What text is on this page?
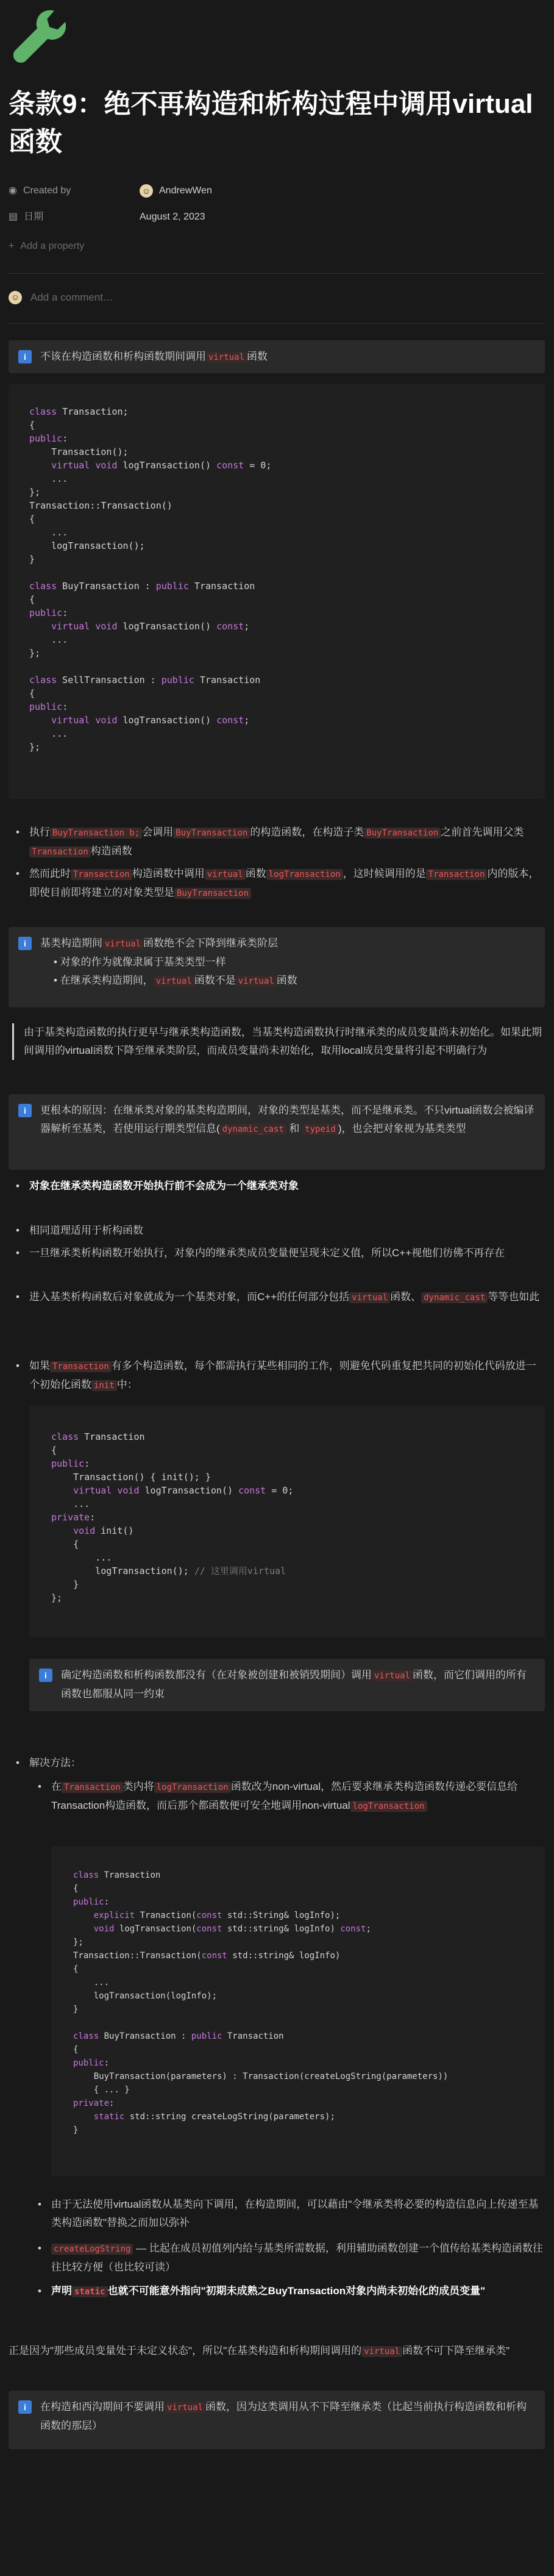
条款9：绝不再构造和析构过程中调用virtual函数
◉ Created by	☺ AndrewWen
▤ 日期	August 2, 2023
+ Add a property
☺ Add a comment…
i	不该在构造函数和析构函数期间调用 virtual 函数
class Transaction;
{
public:
Transaction();
virtual void logTransaction() const = 0;
...
};
Transaction::Transaction()
{
...
logTransaction();
}
class BuyTransaction : public Transaction
{
public:
virtual void logTransaction() const;
...
};
class SellTransaction : public Transaction
{
public:
virtual void logTransaction() const;
...
};
• 执行 BuyTransaction b; 会调用 BuyTransaction 的构造函数，在构造子类 BuyTransaction 之前首先调用父类Transaction 构造函数
• 然而此时 Transaction 构造函数中调用 virtual 函数 logTransaction ，这时候调用的是 Transaction 内的版本，即使目前即将建立的对象类型是 BuyTransaction
i	基类构造期间 virtual 函数绝不会下降到继承类阶层
• 对象的作为就像隶属于基类类型一样
• 在继承类构造期间， virtual 函数不是 virtual 函数
由于基类构造函数的执行更早与继承类构造函数，当基类构造函数执行时继承类的成员变量尚未初始化。如果此期间调用的virtual函数下降至继承类阶层，而成员变量尚未初始化，取用local成员变量将引起不明确行为
i	更根本的原因：在继承类对象的基类构造期间，对象的类型是基类，而不是继承类。不只virtual函数会被编译器解析至基类，若使用运行期类型信息( dynamic_cast 和 typeid )，也会把对象视为基类类型
• 对象在继承类构造函数开始执行前不会成为一个继承类对象
• 相同道理适用于析构函数
• 一旦继承类析构函数开始执行，对象内的继承类成员变量便呈现未定义值，所以C++视他们彷佛不再存在
• 进入基类析构函数后对象就成为一个基类对象，而C++的任何部分包括 virtual 函数、 dynamic_cast 等等也如此
• 如果 Transaction 有多个构造函数，每个都需执行某些相同的工作，则避免代码重复把共同的初始化代码放进一个初始化函数 init 中：
class Transaction
{
public:
Transaction() { init(); }
virtual void logTransaction() const = 0;
...
private:
void init()
{
...
logTransaction(); // 这里调用virtual
}
};
i	确定构造函数和析构函数都没有（在对象被创建和被销毁期间）调用 virtual 函数，而它们调用的所有函数也都服从同一约束
• 解决方法：
• 在 Transaction 类内将 logTransaction 函数改为non-virtual，然后要求继承类构造函数传递必要信息给Transaction构造函数，而后那个都函数便可安全地调用non-virtual logTransaction
class Transaction
{
public:
explicit Tranaction(const std::String& logInfo);
void logTransaction(const std::string& logInfo) const;
};
Transaction::Transaction(const std::string& logInfo)
{
...
logTransaction(logInfo);
}
class BuyTransaction : public Transaction
{
public:
BuyTransaction(parameters) : Transaction(createLogString(parameters))
{ ... }
private:
static std::string createLogString(parameters);
}
• 由于无法使用virtual函数从基类向下调用，在构造期间，可以藉由"令继承类将必要的构造信息向上传递至基类构造函数"替换之而加以弥补
• createLogString — 比起在成员初值列内给与基类所需数据，利用辅助函数创建一个值传给基类构造函数往往比较方便（也比较可读）
• 声明 static 也就不可能意外指向"初期未成熟之BuyTransaction对象内尚未初始化的成员变量"
正是因为"那些成员变量处于未定义状态"，所以"在基类构造和析构期间调用的 virtual 函数不可下降至继承类"
i	在构造和西沟期间不要调用 virtual 函数，因为这类调用从不下降至继承类（比起当前执行构造函数和析构函数的那层）
